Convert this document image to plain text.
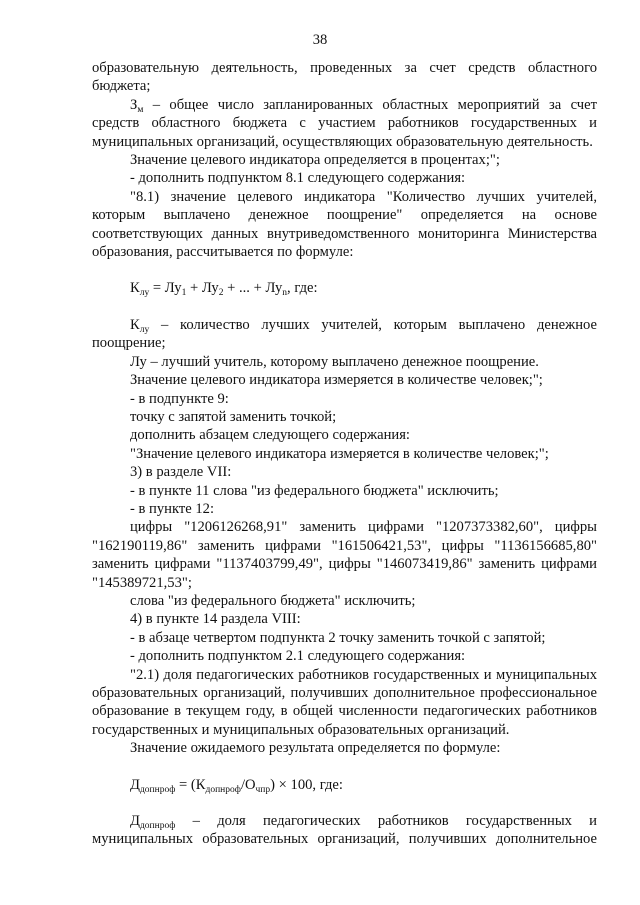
38

образовательную деятельность, проведенных за счет средств областного бюджета;

$З_м$ – общее число запланированных областных мероприятий за счет средств областного бюджета с участием работников государственных и муниципальных организаций, осуществляющих образовательную деятельность.

Значение целевого индикатора определяется в процентах;";

- дополнить подпунктом 8.1 следующего содержания:

"8.1) значение целевого индикатора "Количество лучших учителей, которым выплачено денежное поощрение" определяется на основе соответствующих данных внутриведомственного мониторинга Министерства образования, рассчитывается по формуле:

$К_{лу} = Лу_1 + Лу_2$ + ... + $Лу_n$, где:

$К_{лу}$ – количество лучших учителей, которым выплачено денежное поощрение;

Лу – лучший учитель, которому выплачено денежное поощрение.

Значение целевого индикатора измеряется в количестве человек;";

- в подпункте 9:

точку с запятой заменить точкой;

дополнить абзацем следующего содержания:

"Значение целевого индикатора измеряется в количестве человек;";

3) в разделе VII:

- в пункте 11 слова "из федерального бюджета" исключить;

- в пункте 12:

цифры "1206126268,91" заменить цифрами "1207373382,60", цифры "162190119,86" заменить цифрами "161506421,53", цифры "1136156685,80" заменить цифрами "1137403799,49", цифры "146073419,86" заменить цифрами "145389721,53";

слова "из федерального бюджета" исключить;

4) в пункте 14 раздела VIII:

- в абзаце четвертом подпункта 2 точку заменить точкой с запятой;

- дополнить подпунктом 2.1 следующего содержания:

"2.1) доля педагогических работников государственных и муниципальных образовательных организаций, получивших дополнительное профессиональное образование в текущем году, в общей численности педагогических работников государственных и муниципальных образовательных организаций.

Значение ожидаемого результата определяется по формуле:

$Д_{допнроф} = (К_{допнроф}/О_{чпр}) \times 100$, где:

$Д_{допнроф}$ – доля педагогических работников государственных и муниципальных образовательных организаций, получивших дополнительное
